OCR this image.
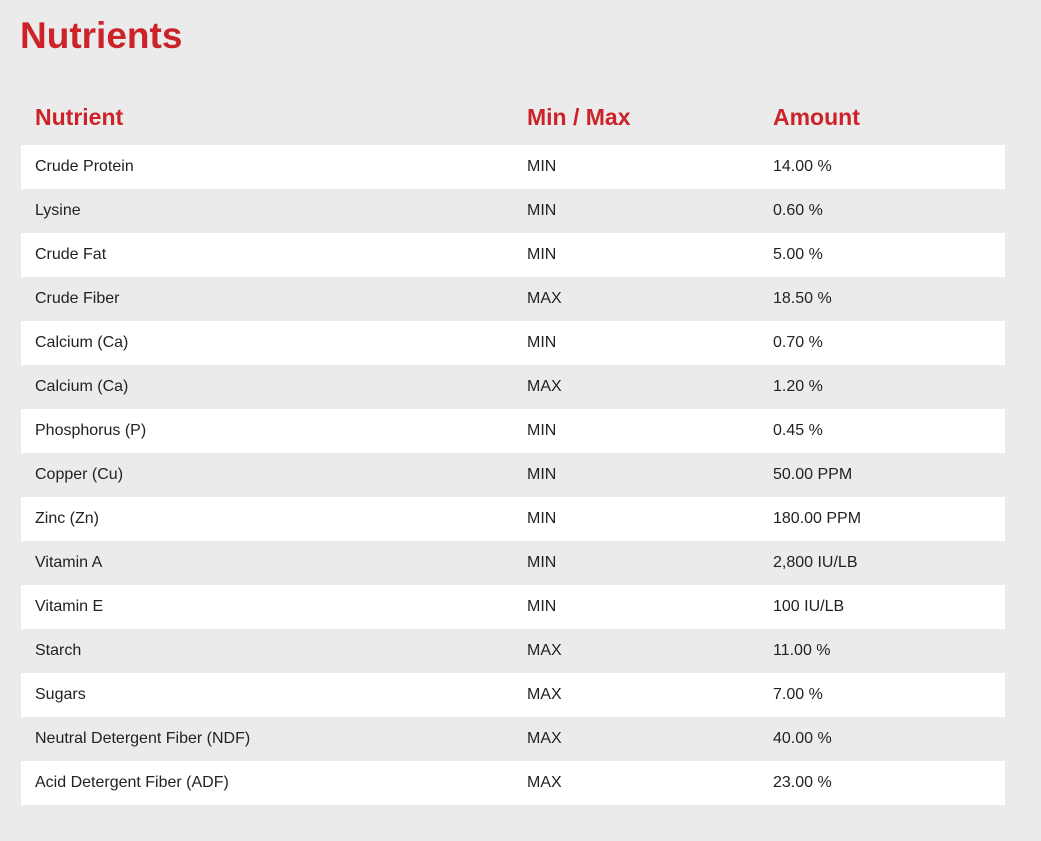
Nutrients
Nutrient	Min / Max	Amount
Crude Protein	MIN	14.00 %
Lysine	MIN	0.60 %
Crude Fat	MIN	5.00 %
Crude Fiber	MAX	18.50 %
Calcium (Ca)	MIN	0.70 %
Calcium (Ca)	MAX	1.20 %
Phosphorus (P)	MIN	0.45 %
Copper (Cu)	MIN	50.00 PPM
Zinc (Zn)	MIN	180.00 PPM
Vitamin A	MIN	2,800 IU/LB
Vitamin E	MIN	100 IU/LB
Starch	MAX	11.00 %
Sugars	MAX	7.00 %
Neutral Detergent Fiber (NDF)	MAX	40.00 %
Acid Detergent Fiber (ADF)	MAX	23.00 %
